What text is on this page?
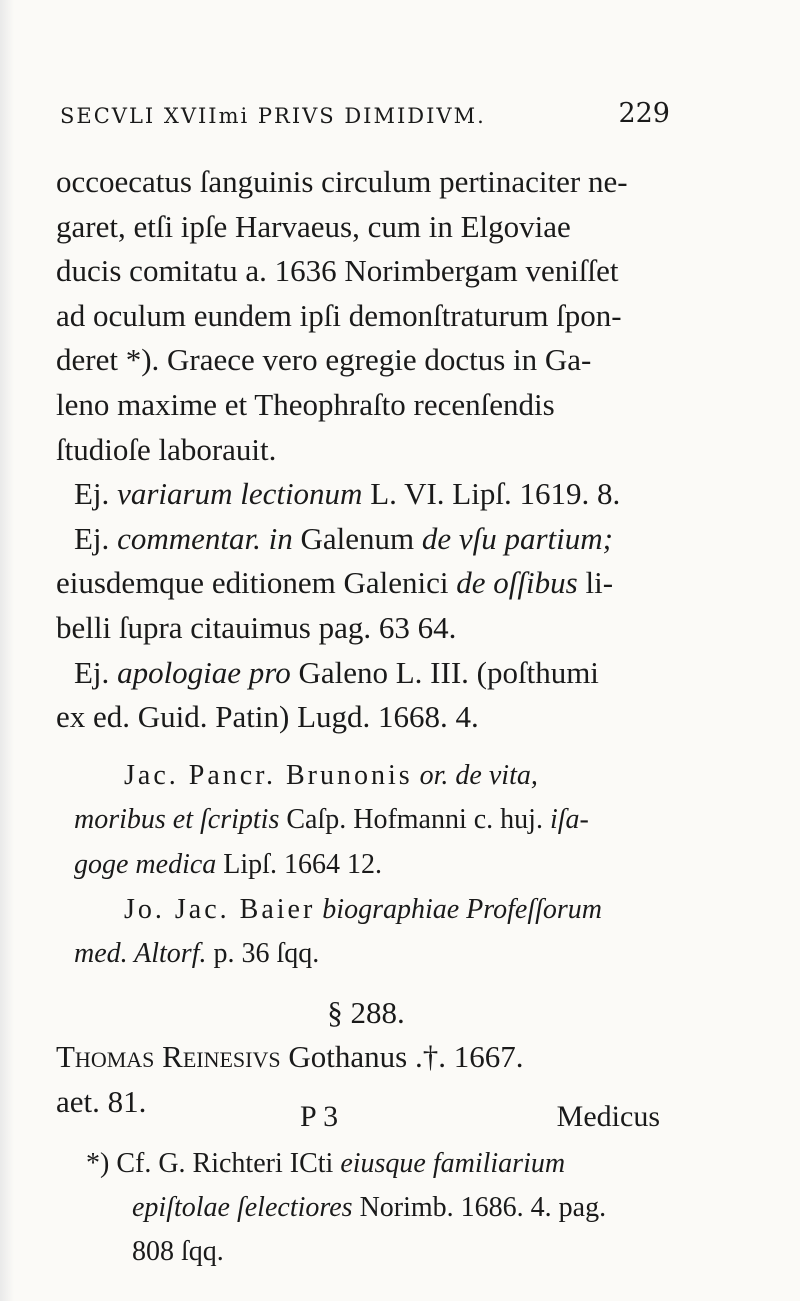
SECVLI XVIImi PRIVS DIMIDIVM.	229
occoecatus ſanguinis circulum pertinaciter ne-
garet, etſi ipſe Harvaeus, cum in Elgoviae
ducis comitatu a. 1636 Norimbergam veniſſet
ad oculum eundem ipſi demonſtraturum ſpon-
deret *). Graece vero egregie doctus in Ga-
leno maxime et Theophraſto recenſendis
ſtudioſe laborauit.
Ej. variarum lectionum L. VI. Lipſ. 1619. 8.
Ej. commentar. in Galenum de vſu partium;
eiusdemque editionem Galenici de oſſibus li-
belli ſupra citauimus pag. 63 64.
Ej. apologiae pro Galeno L. III. (poſthumi
ex ed. Guid. Patin) Lugd. 1668. 4.
Jac. Pancr. Brunonis or. de vita,
moribus et ſcriptis Caſp. Hofmanni c. huj. iſa-
goge medica Lipſ. 1664 12.
Jo. Jac. Baier biographiae Profeſſorum
med. Altorf. p. 36 ſqq.
§ 288.
Thomas Reinesivs Gothanus .†. 1667.
aet. 81.	P 3	Medicus
*) Cf. G. Richteri ICti eiusque familiarium
epiſtolae ſelectiores Norimb. 1686. 4. pag.
808 ſqq.
